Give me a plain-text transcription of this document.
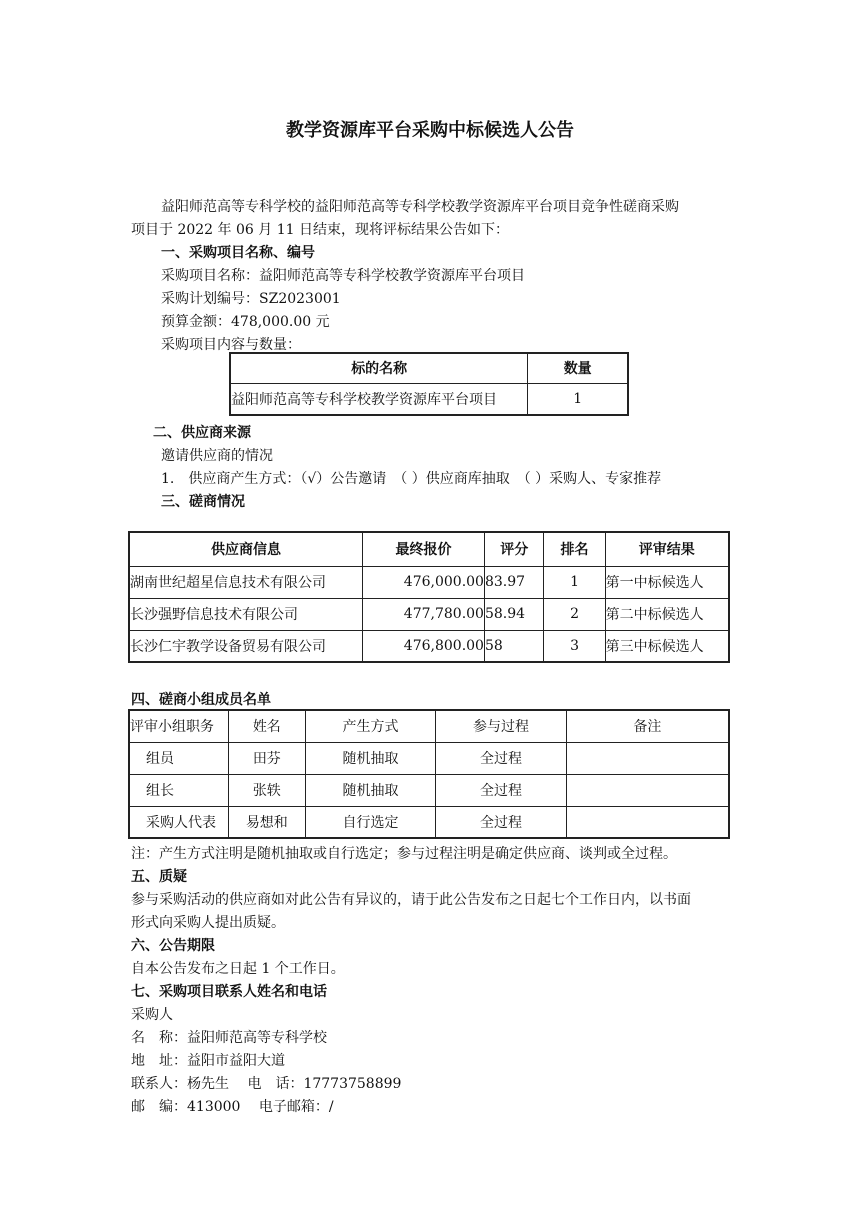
教学资源库平台采购中标候选人公告
益阳师范高等专科学校的益阳师范高等专科学校教学资源库平台项目竞争性磋商采购
项目于 2022 年 06 月 11 日结束，现将评标结果公告如下：
一、采购项目名称、编号
采购项目名称：益阳师范高等专科学校教学资源库平台项目
采购计划编号：SZ2023001
预算金额：478,000.00 元
采购项目内容与数量：
标的名称	数量
益阳师范高等专科学校教学资源库平台项目	1
二、供应商来源
邀请供应商的情况
1.　供应商产生方式：（√）公告邀请　（ ）供应商库抽取　（ ）采购人、专家推荐
三、磋商情况
供应商信息	最终报价	评分	排名	评审结果
湖南世纪超星信息技术有限公司	476,000.00	83.97	1	第一中标候选人
长沙强野信息技术有限公司	477,780.00	58.94	2	第二中标候选人
长沙仁宇教学设备贸易有限公司	476,800.00	58	3	第三中标候选人
四、磋商小组成员名单
评审小组职务	姓名	产生方式	参与过程	备注
组员	田芬	随机抽取	全过程	
组长	张轶	随机抽取	全过程	
采购人代表	易想和	自行选定	全过程	
注：产生方式注明是随机抽取或自行选定；参与过程注明是确定供应商、谈判或全过程。
五、质疑
参与采购活动的供应商如对此公告有异议的，请于此公告发布之日起七个工作日内，以书面
形式向采购人提出质疑。
六、公告期限
自本公告发布之日起 1 个工作日。
七、采购项目联系人姓名和电话
采购人
名　称：益阳师范高等专科学校
地　址：益阳市益阳大道
联系人：杨先生　 电　话：17773758899
邮　编：413000　 电子邮箱：/
